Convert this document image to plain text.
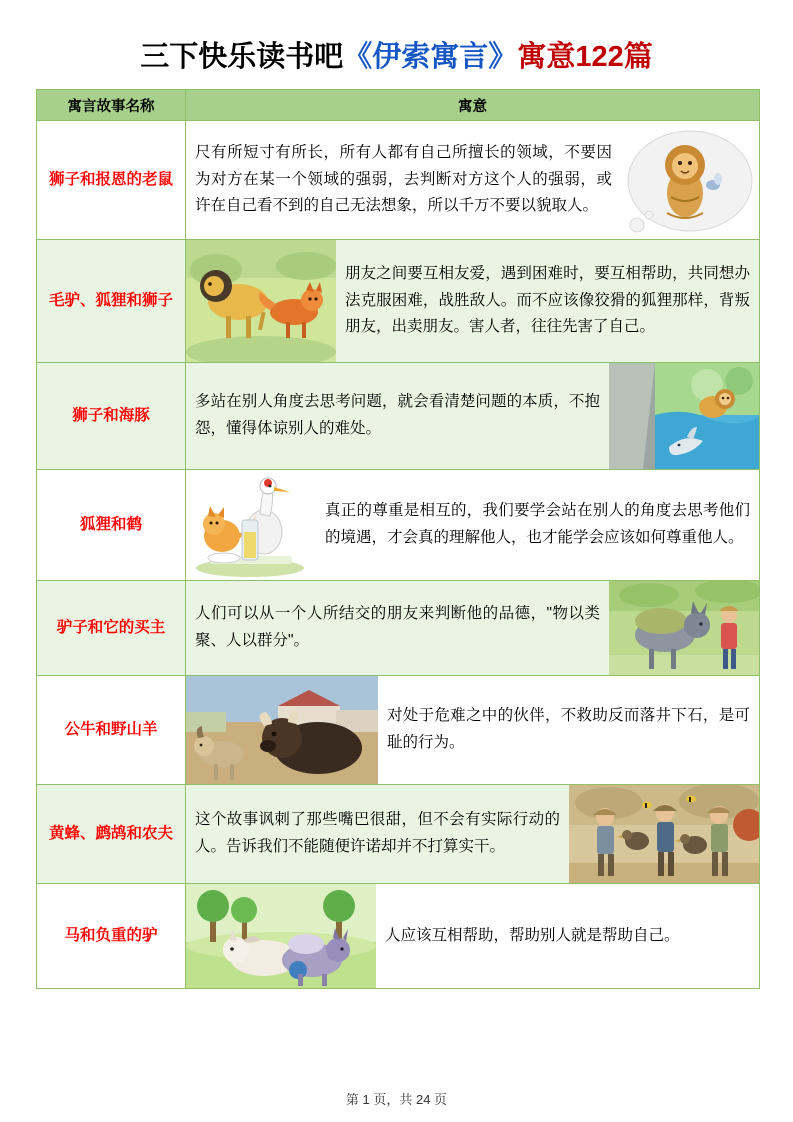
三下快乐读书吧《伊索寓言》寓意122篇
寓言故事名称	寓意
狮子和报恩的老鼠	尺有所短寸有所长，所有人都有自己所擅长的领域，不要因为对方在某一个领域的强弱，去判断对方这个人的强弱，或许在自己看不到的自己无法想象，所以千万不要以貌取人。

毛驴、狐狸和狮子	朋友之间要互相友爱，遇到困难时，要互相帮助，共同想办法克服困难，战胜敌人。而不应该像狡猾的狐狸那样，背叛朋友，出卖朋友。害人者，往往先害了自己。

狮子和海豚	多站在别人角度去思考问题，就会看清楚问题的本质，不抱怨，懂得体谅别人的难处。

狐狸和鹤	真正的尊重是相互的，我们要学会站在别人的角度去思考他们的境遇，才会真的理解他人，也才能学会应该如何尊重他人。

驴子和它的买主	人们可以从一个人所结交的朋友来判断他的品德，"物以类聚、人以群分"。

公牛和野山羊	对处于危难之中的伙伴，不救助反而落井下石，是可耻的行为。

黄蜂、鹧鸪和农夫	这个故事讽刺了那些嘴巴很甜，但不会有实际行动的人。告诉我们不能随便许诺却并不打算实干。

马和负重的驴	人应该互相帮助，帮助别人就是帮助自己。
第 1 页，共 24 页
